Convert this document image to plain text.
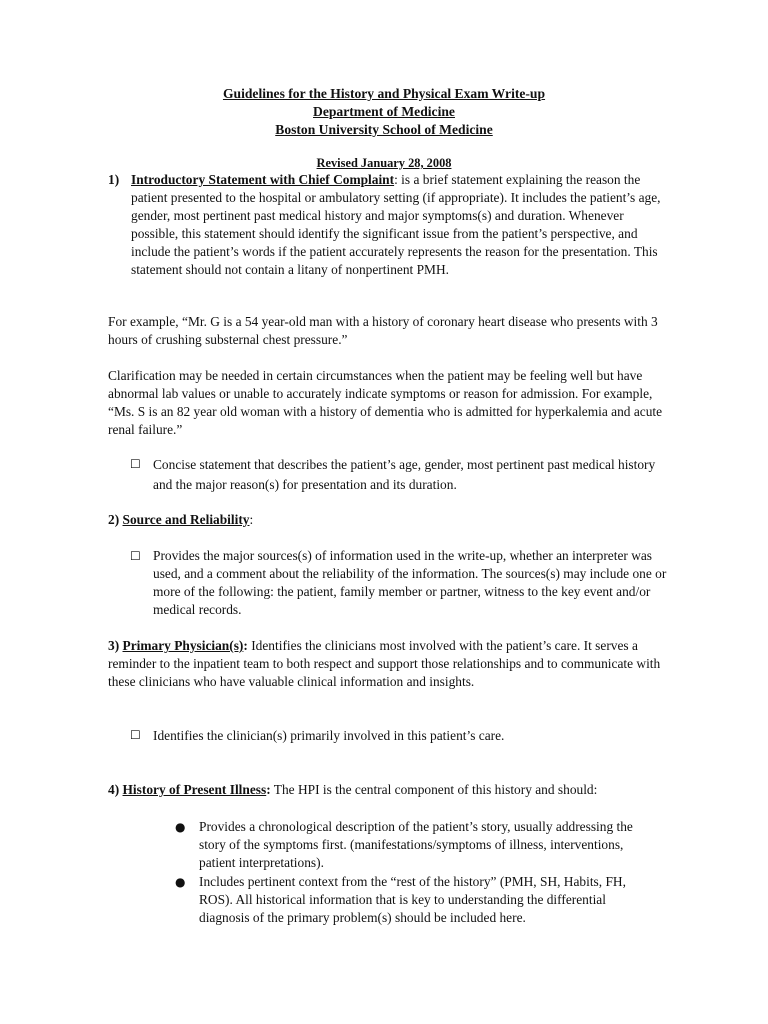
Guidelines for the History and Physical Exam Write-up
Department of Medicine
Boston University School of Medicine
Revised January 28, 2008
1) Introductory Statement with Chief Complaint: is a brief statement explaining the reason the patient presented to the hospital or ambulatory setting (if appropriate). It includes the patient’s age, gender, most pertinent past medical history and major symptoms(s) and duration. Whenever possible, this statement should identify the significant issue from the patient’s perspective, and include the patient’s words if the patient accurately represents the reason for the presentation. This statement should not contain a litany of nonpertinent PMH.

For example, “Mr. G is a 54 year-old man with a history of coronary heart disease who presents with 3 hours of crushing substernal chest pressure.”

Clarification may be needed in certain circumstances when the patient may be feeling well but have abnormal lab values or unable to accurately indicate symptoms or reason for admission. For example, “Ms. S is an 82 year old woman with a history of dementia who is admitted for hyperkalemia and acute renal failure.”

☐ Concise statement that describes the patient’s age, gender, most pertinent past medical history and the major reason(s) for presentation and its duration.
2) Source and Reliability:
☐ Provides the major sources(s) of information used in the write-up, whether an interpreter was used, and a comment about the reliability of the information. The sources(s) may include one or more of the following: the patient, family member or partner, witness to the key event and/or medical records.
3) Primary Physician(s): Identifies the clinicians most involved with the patient’s care. It serves a reminder to the inpatient team to both respect and support those relationships and to communicate with these clinicians who have valuable clinical information and insights.
☐ Identifies the clinician(s) primarily involved in this patient’s care.
4) History of Present Illness: The HPI is the central component of this history and should:
● Provides a chronological description of the patient’s story, usually addressing the story of the symptoms first. (manifestations/symptoms of illness, interventions, patient interpretations).
● Includes pertinent context from the “rest of the history” (PMH, SH, Habits, FH, ROS). All historical information that is key to understanding the differential diagnosis of the primary problem(s) should be included here.
